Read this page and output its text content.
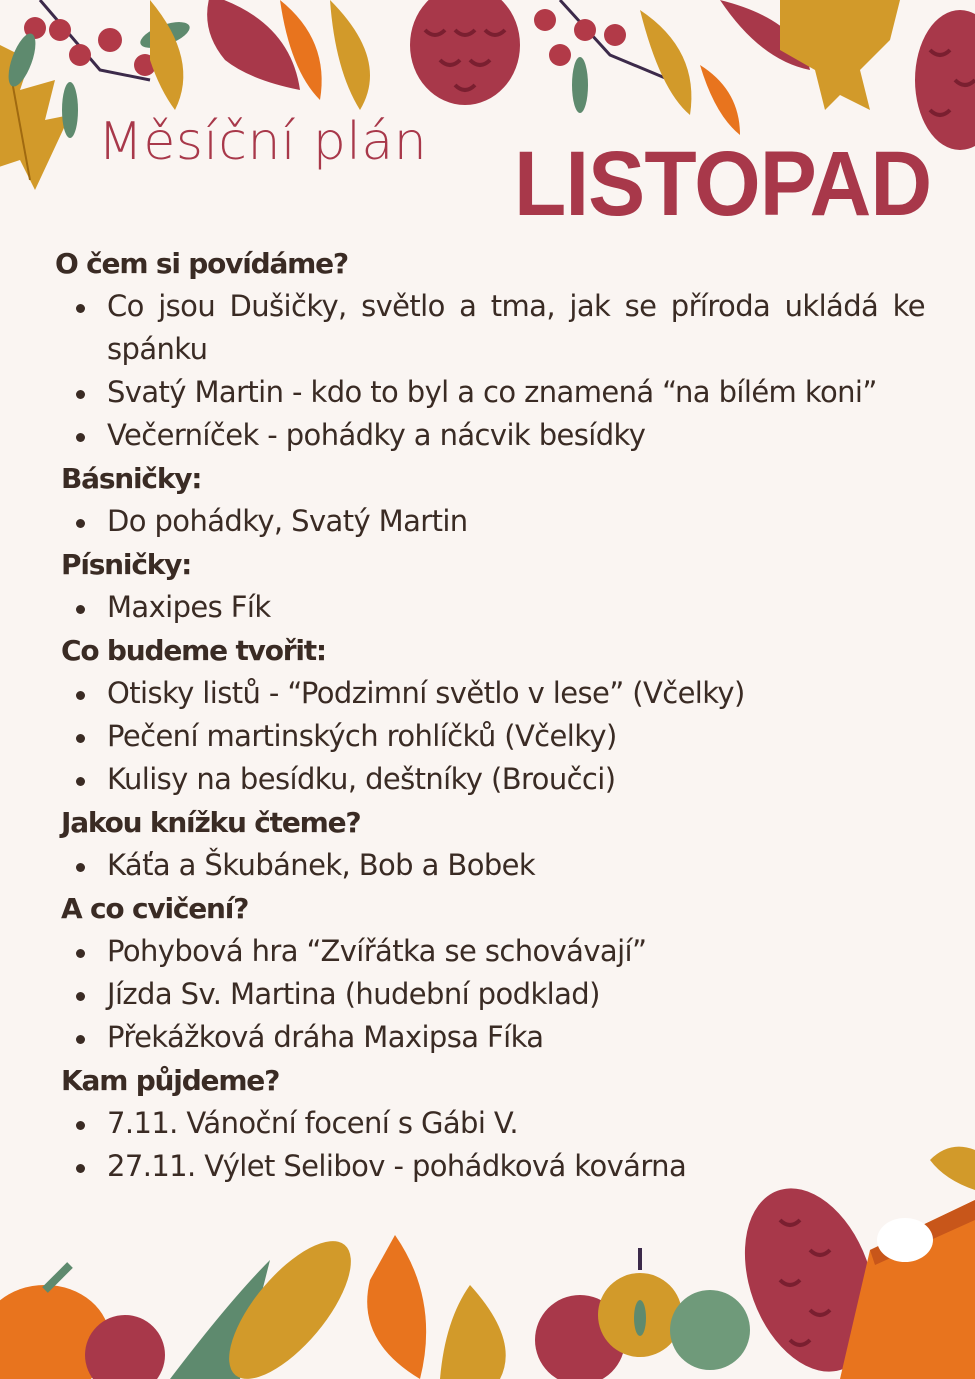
Měsíční plán LISTOPAD
O čem si povídáme?
Co jsou Dušičky, světlo a tma, jak se příroda ukládá ke spánku
Svatý Martin - kdo to byl a co znamená “na bílém koni”
Večerníček - pohádky a nácvik besídky
Básničky:
Do pohádky, Svatý Martin
Písničky:
Maxipes Fík
Co budeme tvořit:
Otisky listů - “Podzimní světlo v lese” (Včelky)
Pečení martinských rohlíčků (Včelky)
Kulisy na besídku, deštníky (Broučci)
Jakou knížku čteme?
Káťa a Škubánek, Bob a Bobek
A co cvičení?
Pohybová hra “Zvířátka se schovávají”
Jízda Sv. Martina (hudební podklad)
Překážková dráha Maxipsa Fíka
Kam půjdeme?
7.11. Vánoční focení s Gábi V.
27.11. Výlet Selibov - pohádková kovárna
